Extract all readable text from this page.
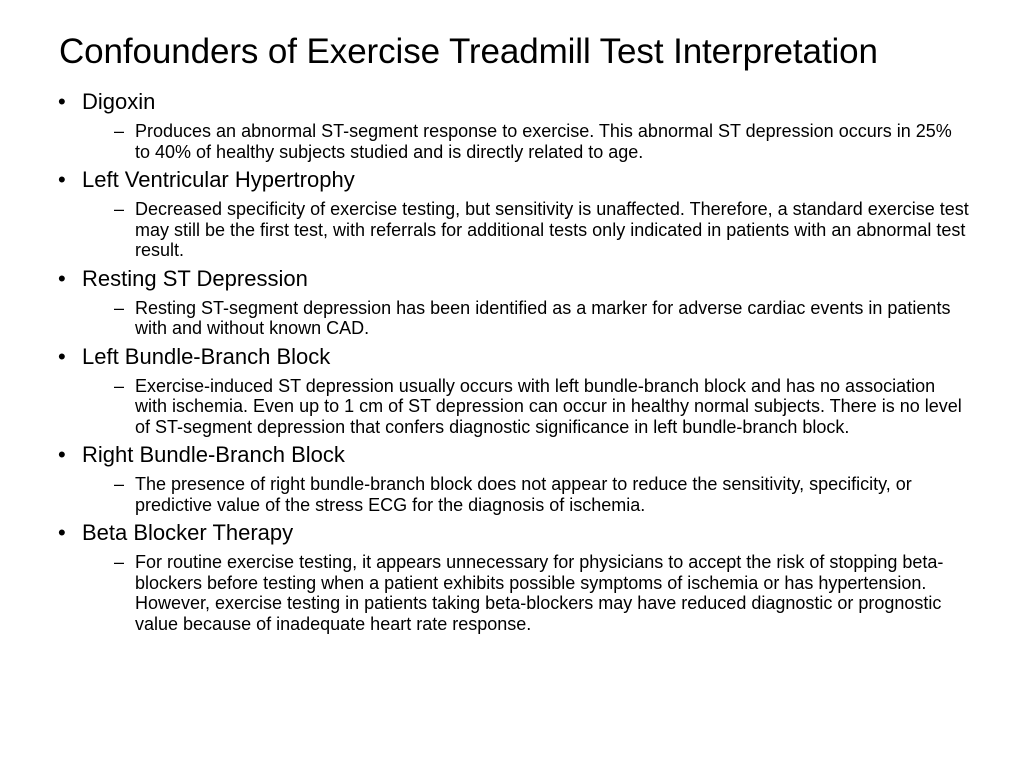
Confounders of Exercise Treadmill Test Interpretation
• Digoxin
– Produces an abnormal ST-segment response to exercise. This abnormal ST depression occurs in 25% to 40% of healthy subjects studied and is directly related to age.
• Left Ventricular Hypertrophy
– Decreased specificity of exercise testing, but sensitivity is unaffected. Therefore, a standard exercise test may still be the first test, with referrals for additional tests only indicated in patients with an abnormal test result.
• Resting ST Depression
– Resting ST-segment depression has been identified as a marker for adverse cardiac events in patients with and without known CAD.
• Left Bundle-Branch Block
– Exercise-induced ST depression usually occurs with left bundle-branch block and has no association with ischemia. Even up to 1 cm of ST depression can occur in healthy normal subjects. There is no level of ST-segment depression that confers diagnostic significance in left bundle-branch block.
• Right Bundle-Branch Block
– The presence of right bundle-branch block does not appear to reduce the sensitivity, specificity, or predictive value of the stress ECG for the diagnosis of ischemia.
• Beta Blocker Therapy
– For routine exercise testing, it appears unnecessary for physicians to accept the risk of stopping beta-blockers before testing when a patient exhibits possible symptoms of ischemia or has hypertension. However, exercise testing in patients taking beta-blockers may have reduced diagnostic or prognostic value because of inadequate heart rate response.
